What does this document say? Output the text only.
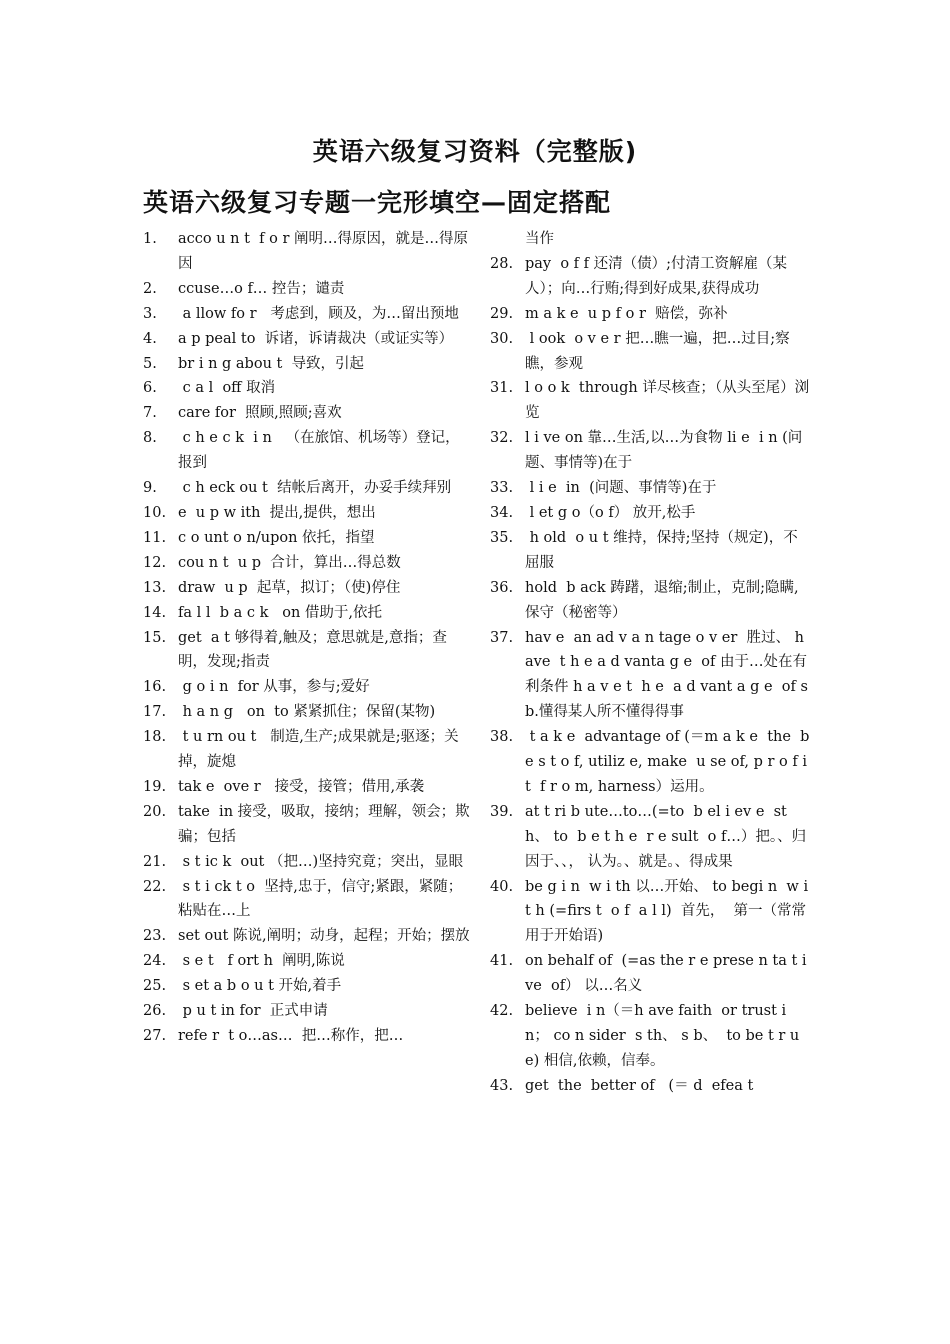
英语六级复习资料（完整版)
英语六级复习专题一完形填空—固定搭配
1.	acco u n t  f o r 阐明…得原因，就是…得原因
2.	ccuse…o f… 控告；谴责
3.	a llow fo r   考虑到，顾及，为…留出预地
4.	a p peal to  诉诸，诉请裁决（或证实等）
5.	br i n g abou t  导致，引起
6.	c a l  off 取消
7.	care for  照顾,照顾;喜欢
8.	c h e c k  i n   （在旅馆、机场等）登记，报到
9.	c h eck ou t  结帐后离开，办妥手续拜别
10. e  u p w ith  提出,提供，想出
11. c o unt o n/upon 依托，指望
12. cou n t  u p  合计，算出…得总数
13. draw  u p  起草，拟订；（使)停住
14. fa l l  b a c k   on 借助于,依托
15. get  a t 够得着,触及；意思就是,意指；查明，发现;指责
16. g o i n  for 从事，参与;爱好
17. h a n g   on  to 紧紧抓住；保留(某物)
18. t u rn ou t   制造,生产;成果就是;驱逐；关掉，旋熄
19. tak e  ove r   接受，接管；借用,承袭
20. take  in 接受，吸取，接纳；理解，领会；欺骗；包括
21. s t ic k  out （把…)坚持究竟；突出，显眼
22. s t i ck t o  坚持,忠于，信守;紧跟，紧随；粘贴在…上
23. set out 陈说,阐明；动身，起程；开始；摆放
24. s e t   f ort h  阐明,陈说
25. s et a b o u t 开始,着手
26. p u t in for  正式申请
27. refe r  t o…as…  把…称作，把…
当作
28. pay  o f f 还清（债）;付清工资解雇（某人）；向…行贿;得到好成果,获得成功
29. m a k e  u p f o r  赔偿，弥补
30. l ook  o v e r 把…瞧一遍，把…过目;察瞧，参观
31. l o o k  through 详尽核查；（从头至尾）浏览
32. l i ve on 靠…生活,以…为食物 li e  i n (问题、事情等)在于
33. l i e  in  (问题、事情等)在于
34. l et g o（o f） 放开,松手
35. h old  o u t 维持，保持;坚持（规定)，不屈服
36. hold  b ack 踌躇，退缩;制止，克制;隐瞒,保守（秘密等）
37. hav e  an ad v a n tage o v er  胜过、 have  t h e a d vanta g e  of 由于…处在有利条件 h a v e t  h e  a d vant a g e  of sb.懂得某人所不懂得得事
38. t a k e  advantage of (＝m a k e  the  b e s t o f, utiliz e, make  u se of, p r o f i t  f r o m, harness）运用。
39. at t ri b ute…to…(=to  b el i ev e  st h、 to  b e t h e  r e sult  o f…）把。、归因于、、， 认为。、就是。、得成果
40. be g i n  w i th 以…开始、 to begi n  w i t h (=firs t  o f  a l l)  首先，  第一（常常用于开始语)
41. on behalf of  (=as the r e prese n ta t ive  of） 以…名义
42. believe  i n（＝h ave faith  or trust in； co n sider  s th、 s b、  to be t r u e) 相信,依赖，信奉。
43. get  the  better of   (＝ d  efea t
